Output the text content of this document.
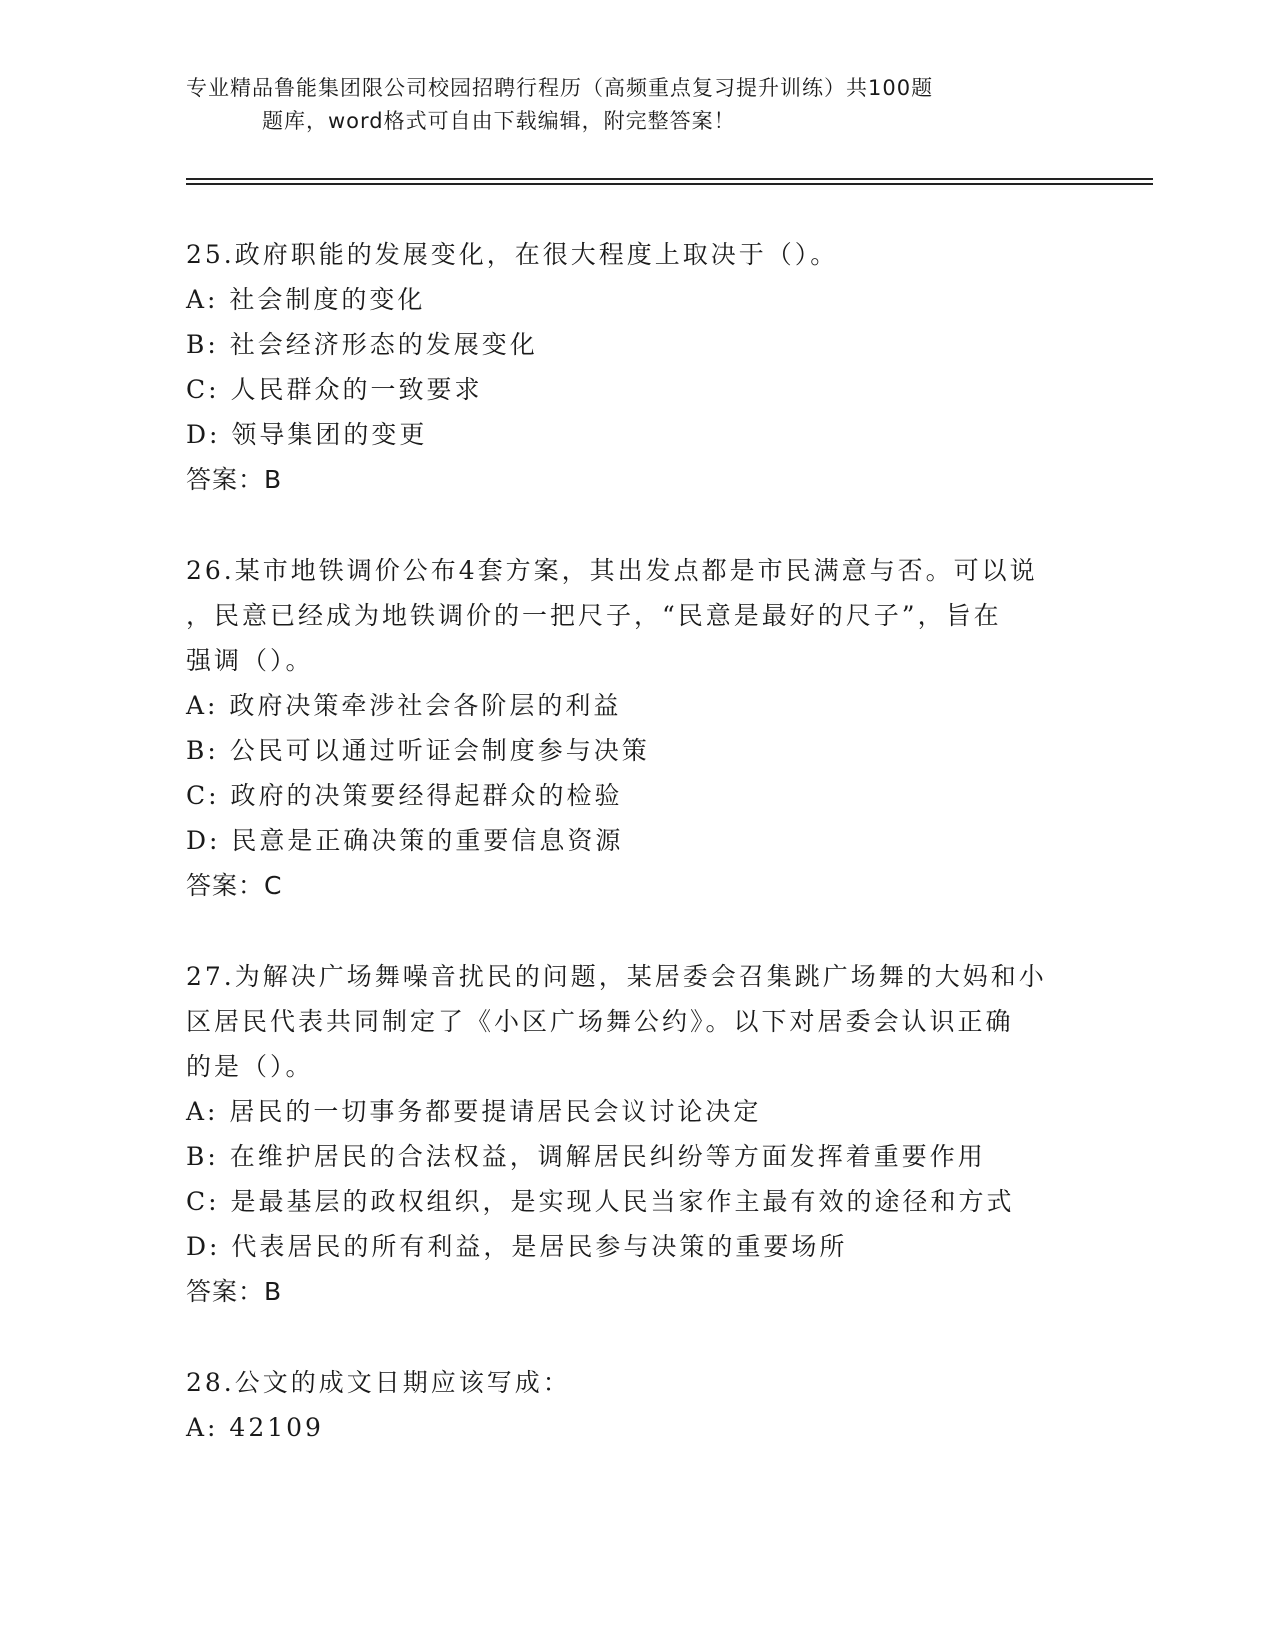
专业精品鲁能集团限公司校园招聘行程历（高频重点复习提升训练）共100题
题库，word格式可自由下载编辑，附完整答案！
25.政府职能的发展变化，在很大程度上取决于（）。
A: 社会制度的变化
B: 社会经济形态的发展变化
C: 人民群众的一致要求
D: 领导集团的变更
答案：B
26.某市地铁调价公布4套方案，其出发点都是市民满意与否。可以说
，民意已经成为地铁调价的一把尺子，“民意是最好的尺子”，旨在
强调（）。
A: 政府决策牵涉社会各阶层的利益
B: 公民可以通过听证会制度参与决策
C: 政府的决策要经得起群众的检验
D: 民意是正确决策的重要信息资源
答案：C
27.为解决广场舞噪音扰民的问题，某居委会召集跳广场舞的大妈和小
区居民代表共同制定了《小区广场舞公约》。以下对居委会认识正确
的是（）。
A: 居民的一切事务都要提请居民会议讨论决定
B: 在维护居民的合法权益，调解居民纠纷等方面发挥着重要作用
C: 是最基层的政权组织，是实现人民当家作主最有效的途径和方式
D: 代表居民的所有利益，是居民参与决策的重要场所
答案：B
28.公文的成文日期应该写成：
A: 42109
